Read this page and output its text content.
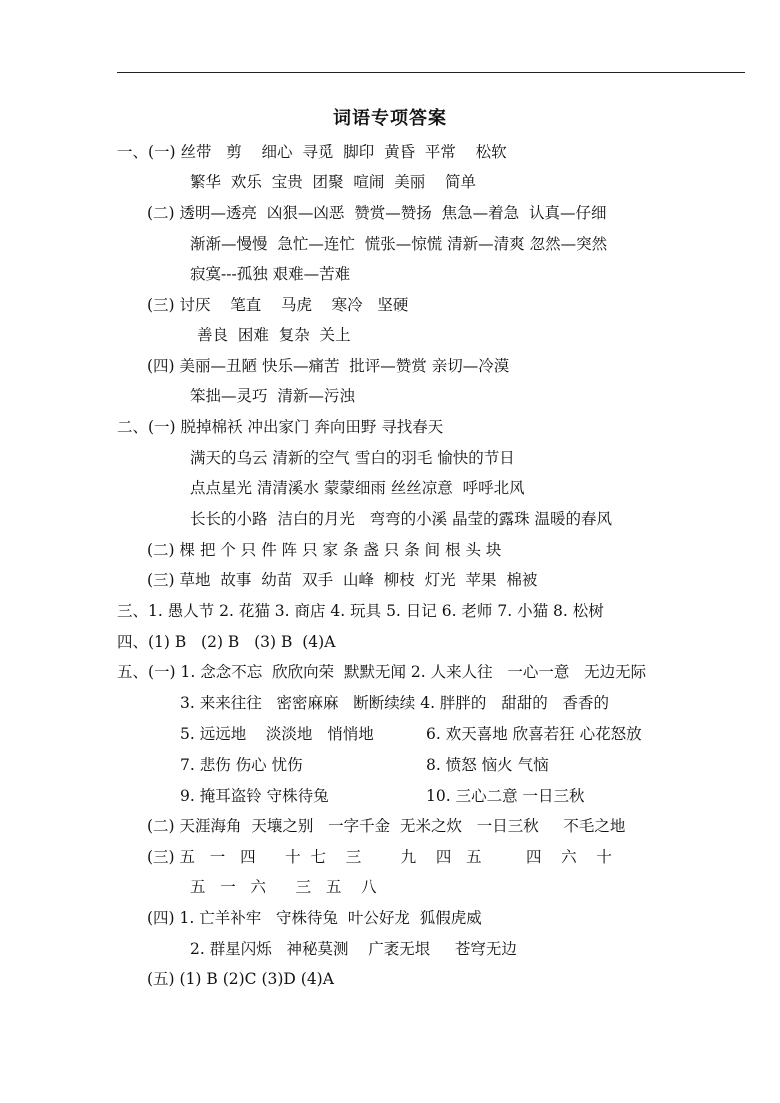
词语专项答案
一、(一) 丝带   剪    细心  寻觅  脚印  黄昏  平常    松软
繁华  欢乐  宝贵  团聚  喧闹  美丽    简单
(二) 透明—透亮  凶狠—凶恶  赞赏—赞扬  焦急—着急  认真—仔细
渐渐—慢慢  急忙—连忙  慌张—惊慌 清新—清爽 忽然—突然
寂寞---孤独 艰难—苦难
(三) 讨厌    笔直    马虎    寒冷   坚硬
善良  困难  复杂  关上
(四) 美丽—丑陋 快乐—痛苦  批评—赞赏 亲切—冷漠
笨拙—灵巧  清新—污浊
二、(一) 脱掉棉袄 冲出家门 奔向田野 寻找春天
满天的乌云 清新的空气 雪白的羽毛 愉快的节日
点点星光 清清溪水 蒙蒙细雨 丝丝凉意  呼呼北风
长长的小路  洁白的月光   弯弯的小溪 晶莹的露珠 温暖的春风
(二) 棵 把 个 只 件 阵 只 家 条 盏 只 条 间 根 头 块
(三) 草地  故事  幼苗  双手  山峰  柳枝  灯光  苹果  棉被
三、1. 愚人节 2. 花猫 3. 商店 4. 玩具 5. 日记 6. 老师 7. 小猫 8. 松树
四、(1) B   (2) B   (3) B  (4)A
五、(一) 1. 念念不忘  欣欣向荣  默默无闻 2. 人来人往   一心一意   无边无际
3. 来来往往   密密麻麻   断断续续 4. 胖胖的   甜甜的   香香的
5. 远远地    淡淡地   悄悄地	6. 欢天喜地 欣喜若狂 心花怒放
7. 悲伤 伤心 忧伤	8. 愤怒 恼火 气恼
9. 掩耳盗铃 守株待兔	10. 三心二意 一日三秋
(二) 天涯海角  天壤之别   一字千金  无米之炊   一日三秋     不毛之地
(三) 五   一   四      十  七    三        九    四   五         四    六    十
五   一   六      三   五    八
(四) 1. 亡羊补牢   守株待兔  叶公好龙  狐假虎威
2. 群星闪烁   神秘莫测    广袤无垠     苍穹无边
(五) (1) B (2)C (3)D (4)A
